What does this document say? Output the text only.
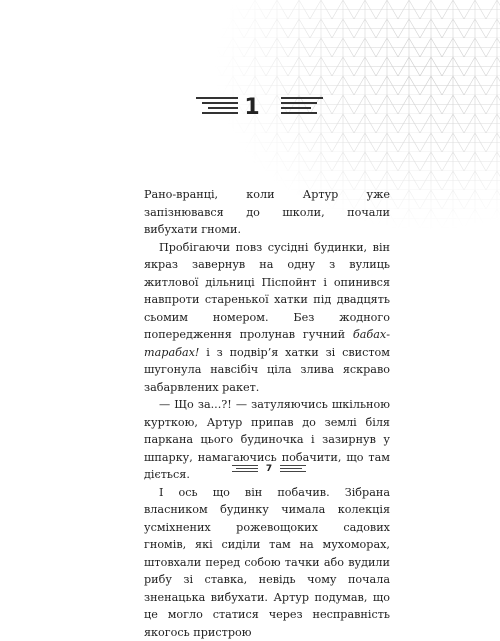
1

Рано-вранці, коли Артур уже запізнювався до школи, почали вибухати гноми.

Пробігаючи повз сусідні будинки, він якраз завернув на одну з вулиць житлової дільниці Піспойнт і опинився навпроти старенької хатки під двадцять сьомим номером. Без жодного попередження пролунав гучний бабах-тарабах! і з подвір’я хатки зі свистом шугонула навсібіч ціла злива яскраво забарвлених ракет.

— Що за...?! — затуляючись шкільною курткою, Артур припав до землі біля паркана цього будиночка і зазирнув у шпарку, намагаючись побачити, що там діється.

І ось що він побачив. Зібрана власником будинку чимала колекція усміхнених рожевощоких садових гномів, які сиділи там на мухоморах, штовхали перед собою тачки або вудили рибу зі ставка, невідь чому почала зненацька вибухати. Артур подумав, що це могло статися через несправність якогось пристрою

7
